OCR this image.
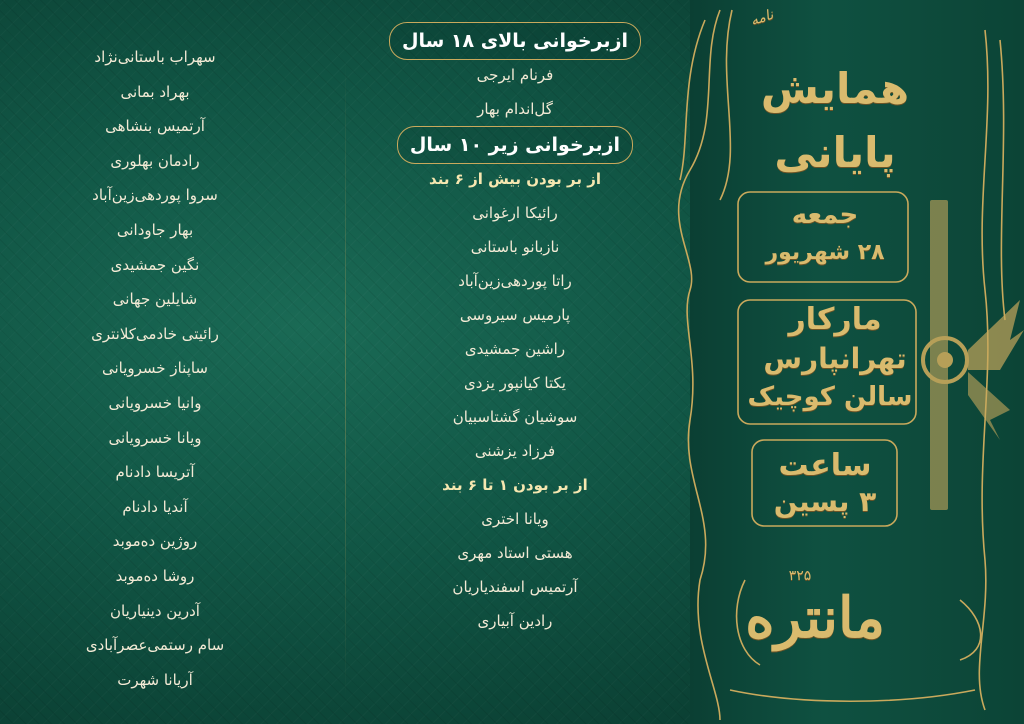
سهراب باستانی‌نژاد
بهراد بمانی
آرتمیس بنشاهی
رادمان بهلوری
سروا پوردهی‌زین‌آباد
بهار جاودانی
نگین جمشیدی
شایلین جهانی
رائیتی خادمی‌کلانتری
ساپناز خسرویانی
وانیا خسرویانی
ویانا خسرویانی
آتریسا دادنام
آندیا دادنام
روژین ده‌موبد
روشا ده‌موبد
آدرین دینیاریان
سام رستمی‌عصرآبادی
آریانا شهرت
ازبرخوانی بالای ۱۸ سال
فرنام ایرجی
گل‌اندام بهار
ازبرخوانی زیر ۱۰ سال
از بر بودن بیش از ۶ بند
رائیکا ارغوانی
نازبانو باستانی
راتا پوردهی‌زین‌آباد
پارمیس سیروسی
راشین جمشیدی
یکتا کیانپور یزدی
سوشیان گشتاسبیان
فرزاد یزشنی
از بر بودن ۱ تا ۶ بند
ویانا اختری
هستی استاد مهری
آرتمیس اسفندیاریان
رادین آبیاری
نامه
همایش
پایانی
جمعه
۲۸ شهریور
مارکار
تهرانپارس
سالن کوچیک
ساعت
۳ پسین
۳۲۵
مانتره
